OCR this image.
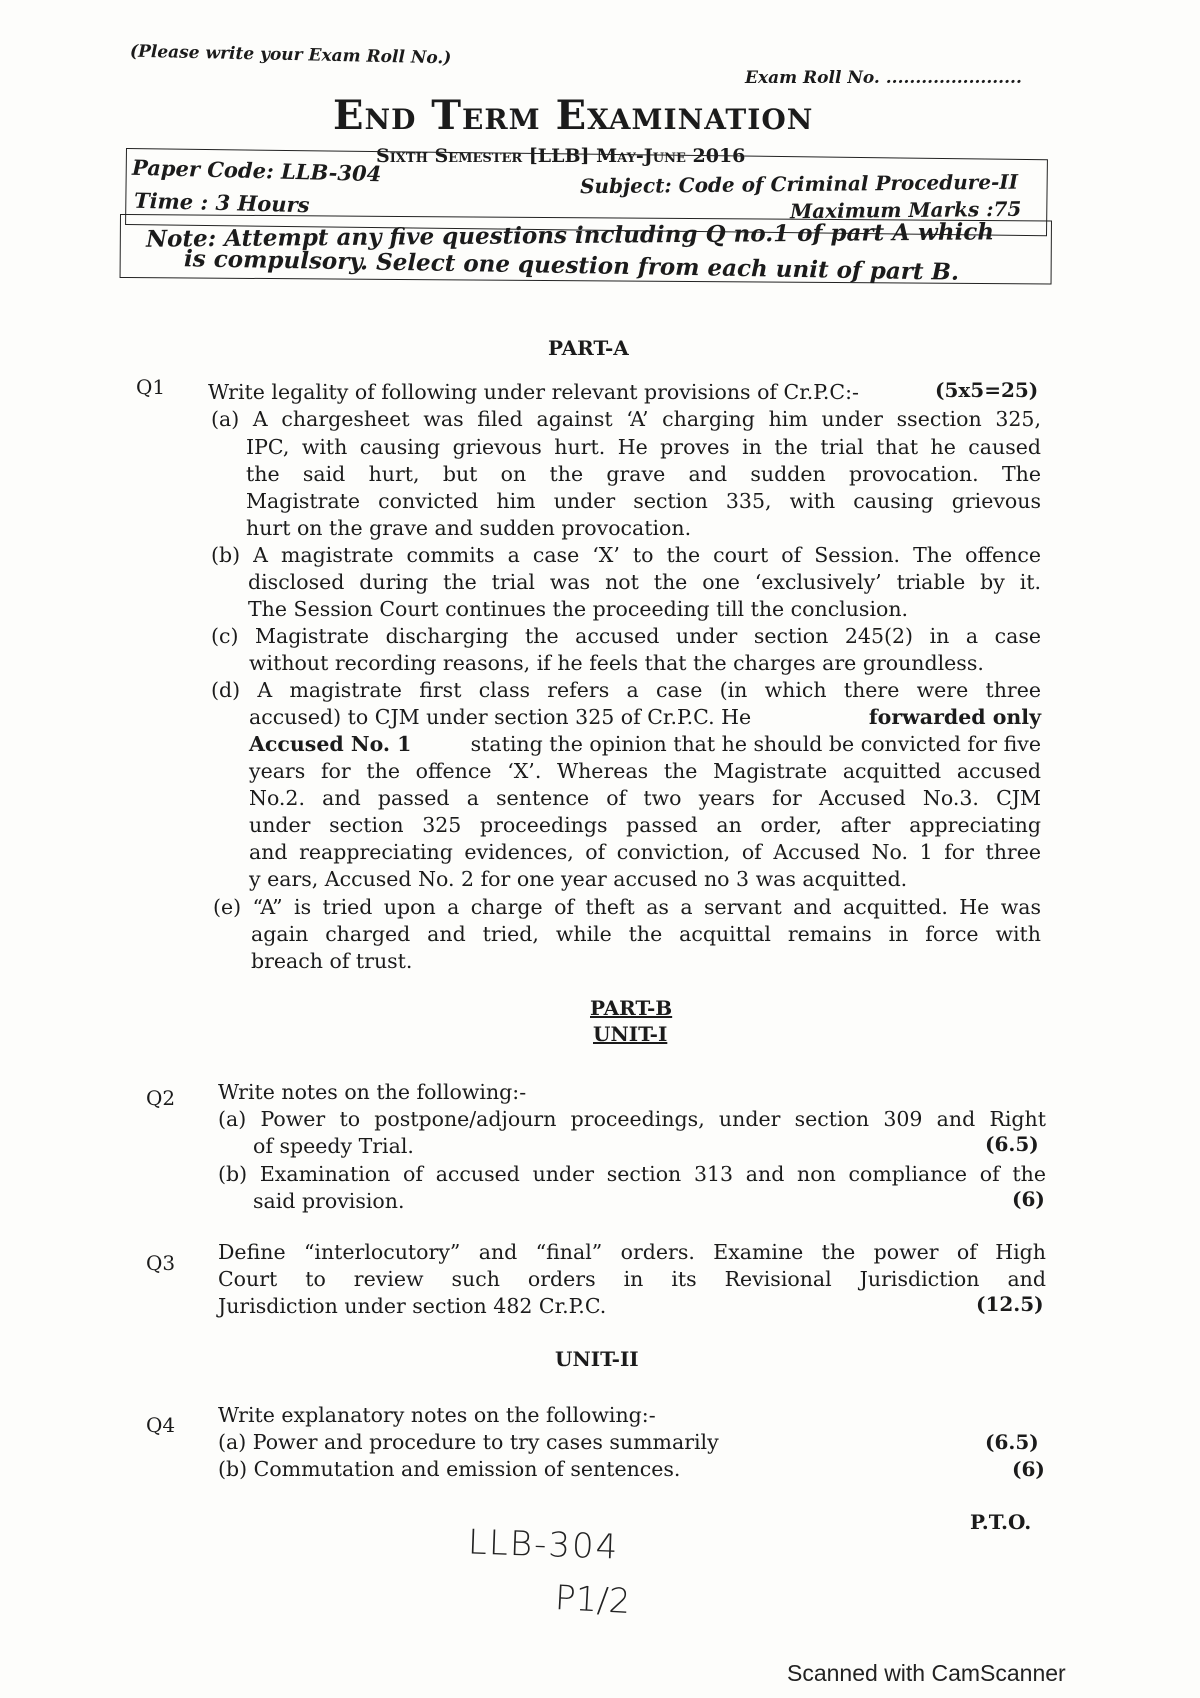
(Please write your Exam Roll No.)
Exam Roll No. .......................
End Term Examination
Sixth Semester [LLB] May-June 2016
Paper Code: LLB-304	Subject: Code of Criminal Procedure-II
Time : 3 Hours	Maximum Marks :75
Note: Attempt any five questions including Q no.1 of part A which
is compulsory. Select one question from each unit of part B.
PART-A
Q1 Write legality of following under relevant provisions of Cr.P.C:-	(5x5=25)
(a) A chargesheet was filed against ‘A’ charging him under ssection 325,
IPC, with causing grievous hurt. He proves in the trial that he caused
the said hurt, but on the grave and sudden provocation. The
Magistrate convicted him under section 335, with causing grievous
hurt on the grave and sudden provocation.
(b) A magistrate commits a case ‘X’ to the court of Session. The offence
disclosed during the trial was not the one ‘exclusively’ triable by it.
The Session Court continues the proceeding till the conclusion.
(c) Magistrate discharging the accused under section 245(2) in a case
without recording reasons, if he feels that the charges are groundless.
(d) A magistrate first class refers a case (in which there were three
accused) to CJM under section 325 of Cr.P.C. He	forwarded only
Accused No. 1	stating the opinion that he should be convicted for five
years for the offence ‘X’. Whereas the Magistrate acquitted accused
No.2. and passed a sentence of two years for Accused No.3. CJM
under section 325 proceedings passed an order, after appreciating
and reappreciating evidences, of conviction, of Accused No. 1 for three
y ears, Accused No. 2 for one year accused no 3 was acquitted.
(e) “A” is tried upon a charge of theft as a servant and acquitted. He was
again charged and tried, while the acquittal remains in force with
breach of trust.
PART-B
UNIT-I
Q2 Write notes on the following:-
(a) Power to postpone/adjourn proceedings, under section 309 and Right
of speedy Trial.	(6.5)
(b) Examination of accused under section 313 and non compliance of the
said provision.	(6)
Q3 Define “interlocutory” and “final” orders. Examine the power of High
Court to review such orders in its Revisional Jurisdiction and
Jurisdiction under section 482 Cr.P.C.	(12.5)
UNIT-II
Q4 Write explanatory notes on the following:-
(a) Power and procedure to try cases summarily	(6.5)
(b) Commutation and emission of sentences.	(6)
P.T.O.
LLB-304
P1/2
Scanned with CamScanner
